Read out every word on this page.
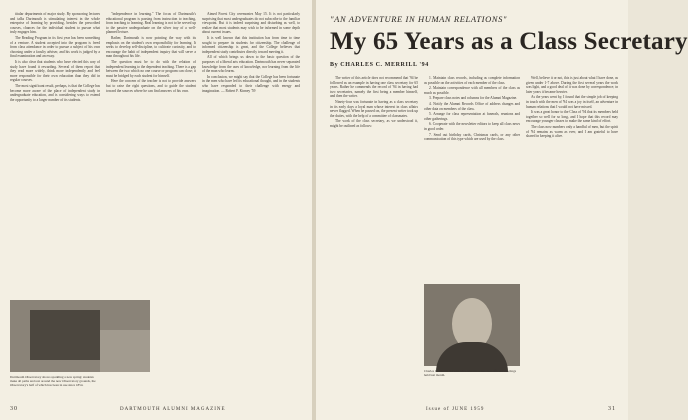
titular departments of major study. By sponsoring lectures and talks Dartmouth is stimulating interest in the whole enterprise of learning by providing, besides the prescribed courses, chances for the individual student to pursue what truly engages him.

The Reading Program in its first year has been something of a venture. A student accepted into the program is freed from class attendance in order to pursue a subject of his own choosing under a faculty adviser, and his work is judged by a final examination and an essay.

It is also clear that students who have elected this way of study have found it rewarding. Several of them report that they read more widely, think more independently and feel more responsible for their own education than they did in regular courses.

The most significant result, perhaps, is that the College has become more aware of the place of independent study in undergraduate education, and is considering ways to extend the opportunity to a larger number of its students.

"independence in learning." The focus of Dartmouth's educational program is passing from instruction to teaching, from teaching to learning. Real learning is not to be served up to the passive undergraduate on the silver tray of a well-planned lecture.

Rather, Dartmouth is now pointing the way with its emphasis on the student's own responsibility for learning. It seeks to develop self-discipline, to cultivate curiosity, and to encourage the habit of independent inquiry that will serve a man throughout his life.

The question must be to do with the relation of independent learning to the dependent teaching. There is a gap between the two which no one course or program can close; it must be bridged by each student for himself.

Here the concern of the teacher is not to provide answers but to raise the right questions, and to guide the student toward the sources where he can find answers of his own.

Aimed Forest City ceremonies May 15. It is not particularly surprising that most undergraduates do not subscribe to the familiar viewpoint. But it is indeed surprising and disturbing as well, to realize that most students may wish to be informed in some depth about current issues.

It is well known that this institution has from time to time sought to prepare its students for citizenship. The challenge of informed citizenship is great, and the College believes that independent study contributes directly toward meeting it.

All of which brings us down to the basic question of the purposes of a liberal arts education. Dartmouth has never separated knowledge from the uses of knowledge, nor learning from the life of the man who learns.

In conclusion, we might say that the College has been fortunate in the men who have led its educational thought, and in the students who have responded to their challenge with energy and imagination. — Robert F. Kinney '59

Dartmouth Observatory shows sparkling a new spring: students make all paths and rest around the new Observatory grounds, the Observatory's half of which has been in use since 1854.
30	DARTMOUTH ALUMNI MAGAZINE
"AN ADVENTURE IN HUMAN RELATIONS"
My 65 Years as a Class Secretary
By CHARLES C. MERRILL '94

The writer of this article does not recommend that '94 be followed as an example in having one class secretary for 65 years. Rather he commends the record of '94 in having had two secretaries, namely the first being a member himself, and then the writer.

Ninety-four was fortunate in having as a class secretary in its early days a loyal man whose interest in class affairs never flagged. When he passed on, the present writer took up the duties, with the help of a committee of classmates.

The work of the class secretary, as we understood it, might be outlined as follows:

1. Maintain class records, including as complete information as possible on the activities of each member of the class.
2. Maintain correspondence with all members of the class as much as possible.
3. Prepare class notes and columns for the Alumni Magazine.
4. Notify the Alumni Records Office of address changes and other data on members of the class.
5. Arrange for class representation at funerals, reunions and other gatherings.
6. Cooperate with the newsletter editors to keep all class news in good order.
7. Send out birthday cards, Christmas cards, or any other communication of this type which are used by the class.

Well, believe it or not, this is just about what I have done, as given under 1-7 above. During the first several years the work was light, and a good deal of it was done by correspondence; in later years it became heavier.

As the years went by, I found that the simple job of keeping in touch with the men of '94 was a joy in itself, an adventure in human relations that I would not have missed.

It was a great honor to the Class of '94 that its members held together so well for so long, and I hope that this record may encourage younger classes to make the same kind of effort.

The class now numbers only a handful of men, but the spirit of '94 remains as warm as ever, and I am grateful to have shared in keeping it alive.

Charles C. Merrill '94 with Mrs. Merrill at the class officers' meetings held last month.
Issue of JUNE 1959	31
